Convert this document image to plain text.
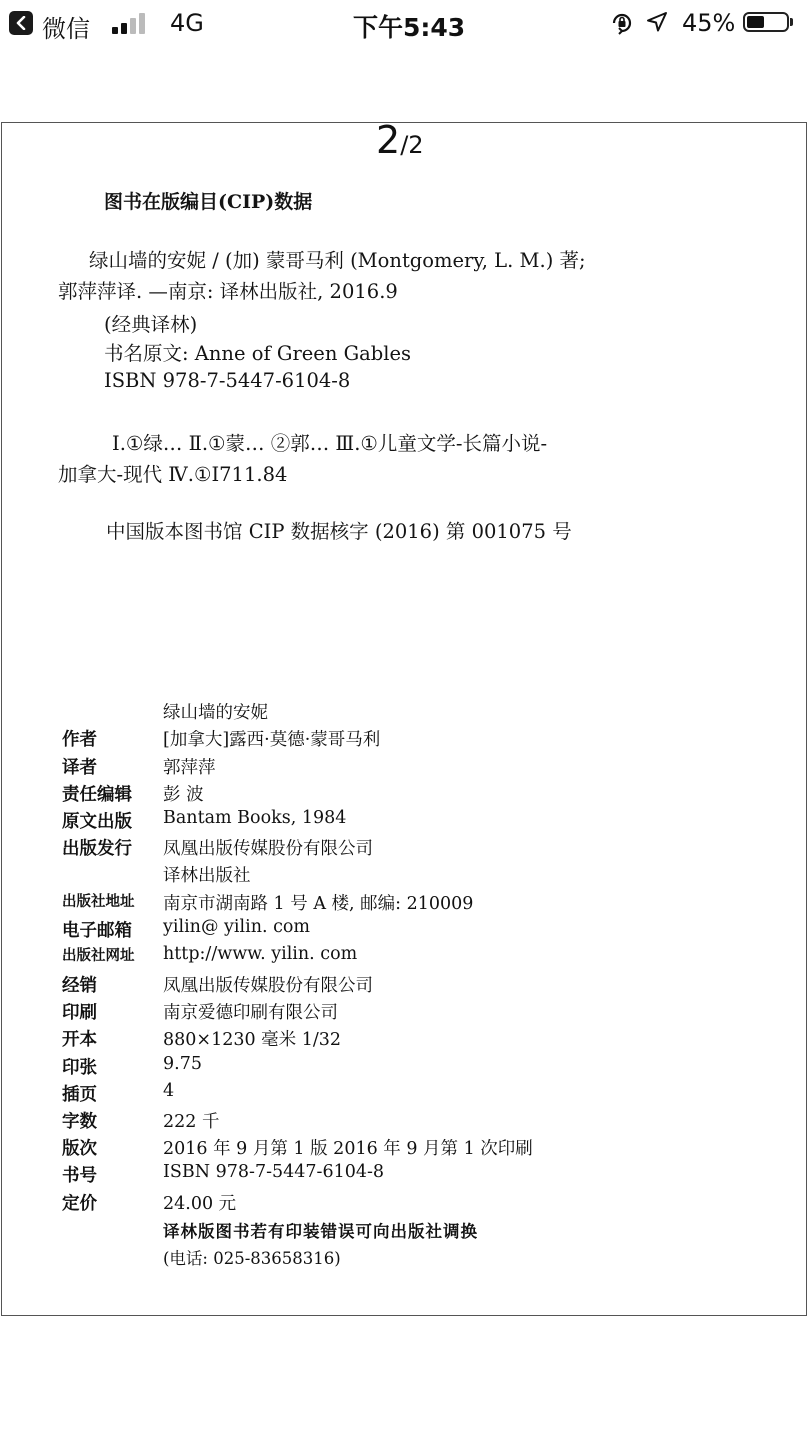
微信	4G	下午5:43	45%
2/2
图书在版编目(CIP)数据
绿山墙的安妮 / (加) 蒙哥马利 (Montgomery, L. M.) 著;
郭萍萍译. —南京: 译林出版社, 2016.9
(经典译林)
书名原文: Anne of Green Gables
ISBN 978-7-5447-6104-8
Ⅰ.①绿… Ⅱ.①蒙… ②郭… Ⅲ.①儿童文学-长篇小说-
加拿大-现代 Ⅳ.①I711.84
中国版本图书馆 CIP 数据核字 (2016) 第 001075 号
绿山墙的安妮
作者	[加拿大]露西·莫德·蒙哥马利
译者	郭萍萍
责任编辑 彭 波
原文出版 Bantam Books, 1984
出版发行 凤凰出版传媒股份有限公司
译林出版社
出版社地址 南京市湖南路 1 号 A 楼, 邮编: 210009
电子邮箱 yilin@ yilin. com
出版社网址 http://www. yilin. com
经销	凤凰出版传媒股份有限公司
印刷	南京爱德印刷有限公司
开本	880×1230 毫米 1/32
印张	9.75
插页	4
字数	222 千
版次	2016 年 9 月第 1 版 2016 年 9 月第 1 次印刷
书号	ISBN 978-7-5447-6104-8
定价	24.00 元
译林版图书若有印装错误可向出版社调换
(电话: 025-83658316)
